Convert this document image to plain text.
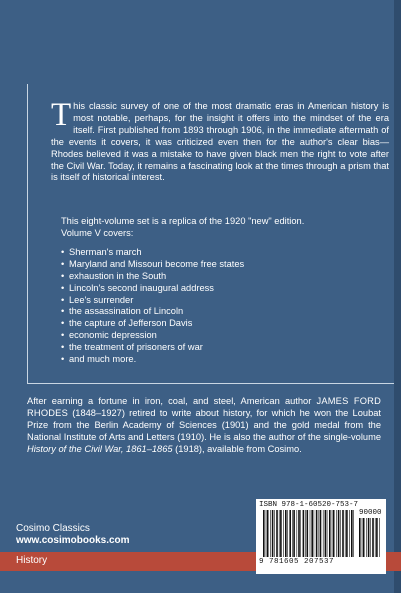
This classic survey of one of the most dramatic eras in American history is most notable, perhaps, for the insight it offers into the mindset of the era itself. First published from 1893 through 1906, in the immediate aftermath of the events it covers, it was criticized even then for the author's clear bias—Rhodes believed it was a mistake to have given black men the right to vote after the Civil War. Today, it remains a fascinating look at the times through a prism that is itself of historical interest.
This eight-volume set is a replica of the 1920 "new" edition.
Volume V covers:
• Sherman's march
• Maryland and Missouri become free states
• exhaustion in the South
• Lincoln's second inaugural address
• Lee's surrender
• the assassination of Lincoln
• the capture of Jefferson Davis
• economic depression
• the treatment of prisoners of war
• and much more.
After earning a fortune in iron, coal, and steel, American author JAMES FORD RHODES (1848–1927) retired to write about history, for which he won the Loubat Prize from the Berlin Academy of Sciences (1901) and the gold medal from the National Institute of Arts and Letters (1910). He is also the author of the single-volume History of the Civil War, 1861–1865 (1918), available from Cosimo.
Cosimo Classics
www.cosimobooks.com
History
ISBN 978-1-60520-753-7
90000
9 781605 207537
